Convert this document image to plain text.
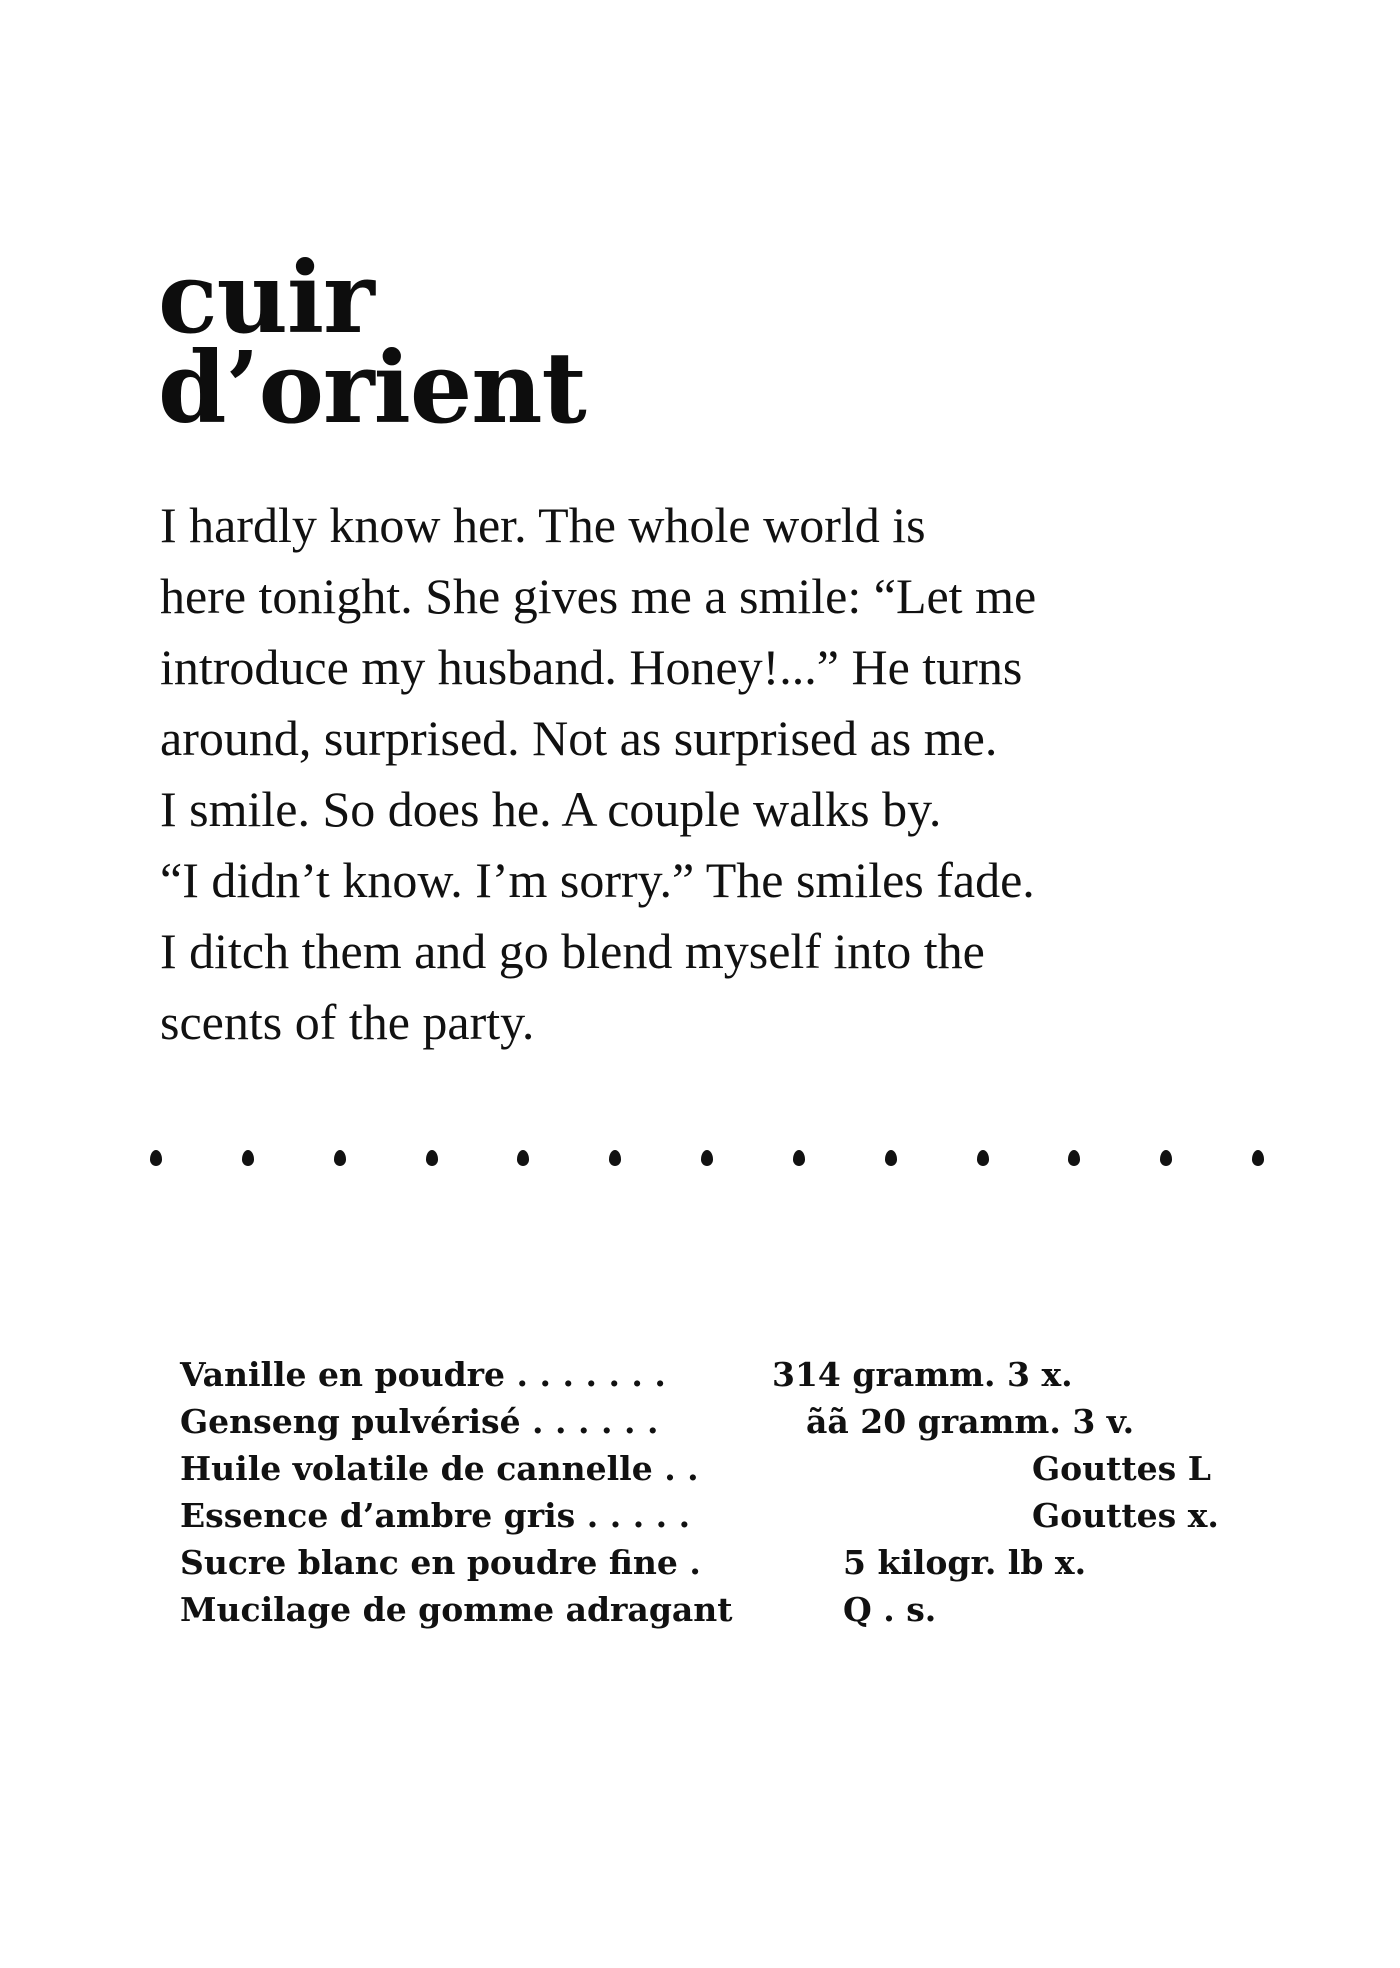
cuir
d’orient
I hardly know her. The whole world is
here tonight. She gives me a smile: “Let me
introduce my husband. Honey!...” He turns
around, surprised. Not as surprised as me.
I smile. So does he. A couple walks by.
“I didn’t know. I’m sorry.” The smiles fade.
I ditch them and go blend myself into the
scents of the party.
Vanille en poudre . . . . . . .	314 gramm. 3 x.
Genseng pulvérisé . . . . . .	ãã 20 gramm. 3 v.
Huile volatile de cannelle . .	Gouttes L
Essence d’ambre gris . . . . .	Gouttes x.
Sucre blanc en poudre fine .	5 kilogr. lb x.
Mucilage de gomme adragant	Q . s.
